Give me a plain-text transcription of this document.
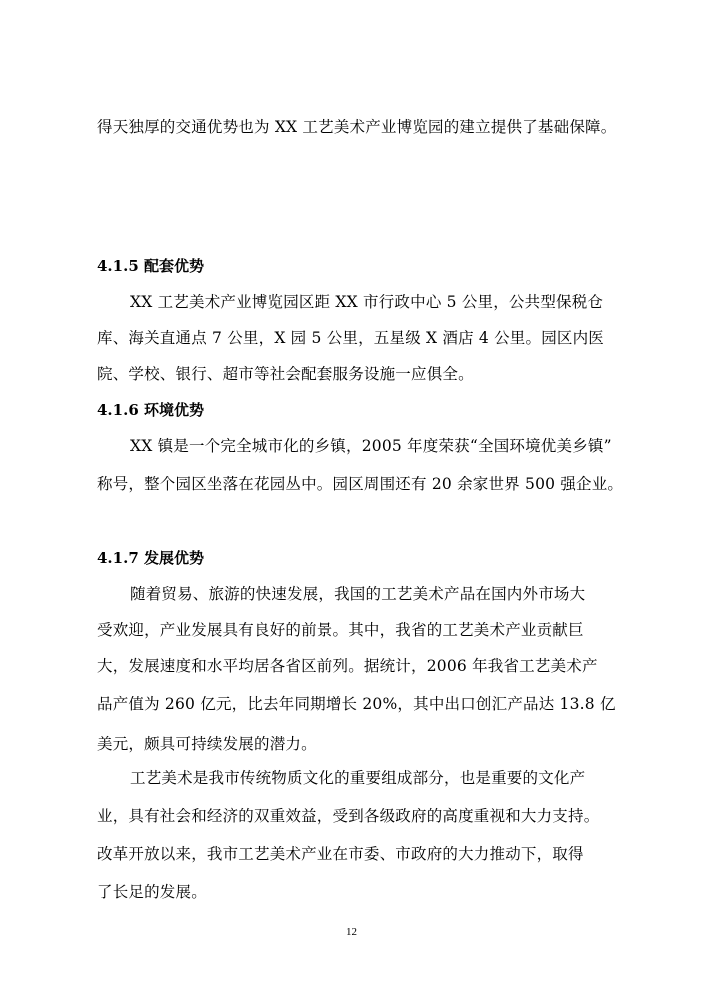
得天独厚的交通优势也为 XX 工艺美术产业博览园的建立提供了基础保障。
4.1.5 配套优势
XX 工艺美术产业博览园区距 XX 市行政中心 5 公里，公共型保税仓
库、海关直通点 7 公里，X 园 5 公里，五星级 X 酒店 4 公里。园区内医
院、学校、银行、超市等社会配套服务设施一应俱全。
4.1.6 环境优势
XX 镇是一个完全城市化的乡镇，2005 年度荣获“全国环境优美乡镇”
称号，整个园区坐落在花园丛中。园区周围还有 20 余家世界 500 强企业。
4.1.7 发展优势
随着贸易、旅游的快速发展，我国的工艺美术产品在国内外市场大
受欢迎，产业发展具有良好的前景。其中，我省的工艺美术产业贡献巨
大，发展速度和水平均居各省区前列。据统计，2006 年我省工艺美术产
品产值为 260 亿元，比去年同期增长 20%，其中出口创汇产品达 13.8 亿
美元，颇具可持续发展的潜力。
工艺美术是我市传统物质文化的重要组成部分，也是重要的文化产
业，具有社会和经济的双重效益，受到各级政府的高度重视和大力支持。
改革开放以来，我市工艺美术产业在市委、市政府的大力推动下，取得
了长足的发展。
12
